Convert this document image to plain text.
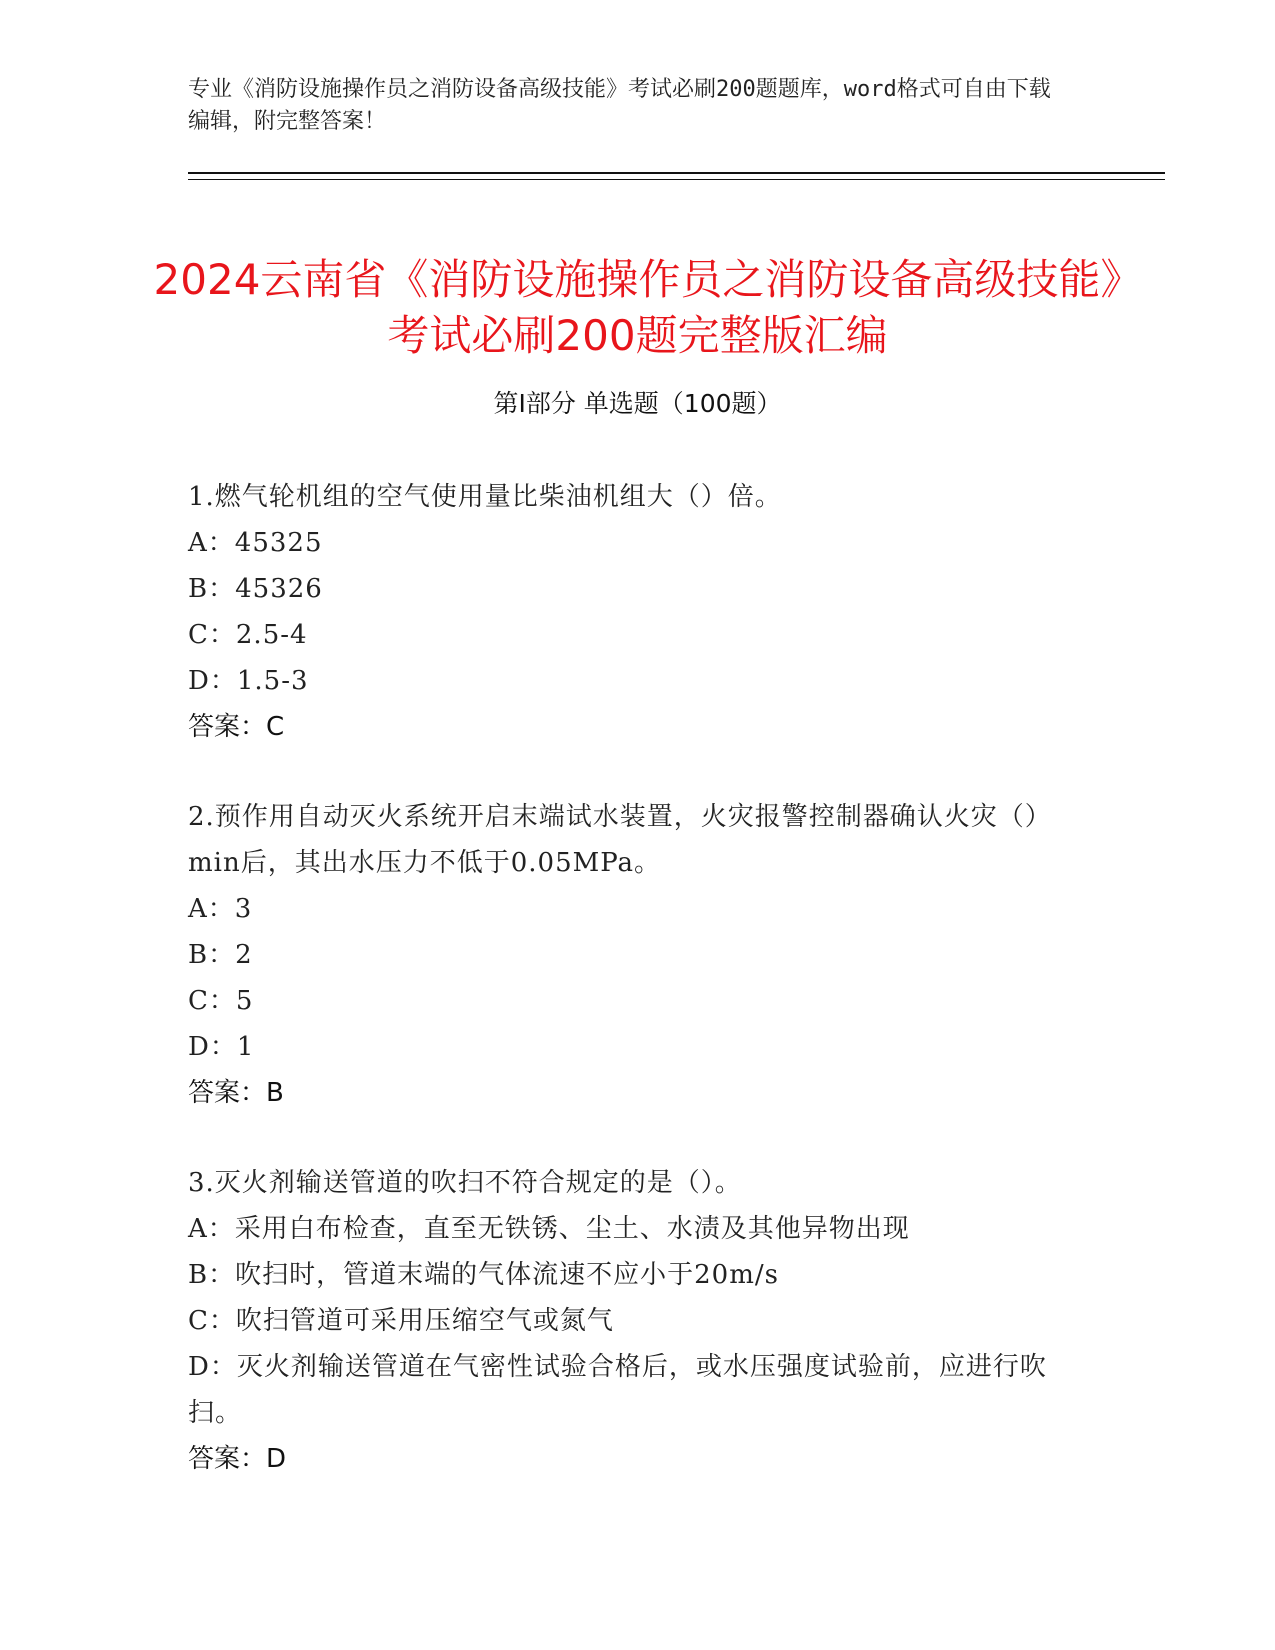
专业《消防设施操作员之消防设备高级技能》考试必刷200题题库，word格式可自由下载编辑，附完整答案！
2024云南省《消防设施操作员之消防设备高级技能》考试必刷200题完整版汇编
第I部分 单选题（100题）
1.燃气轮机组的空气使用量比柴油机组大（）倍。
A：45325
B：45326
C：2.5-4
D：1.5-3
答案：C
2.预作用自动灭火系统开启末端试水装置，火灾报警控制器确认火灾（）min后，其出水压力不低于0.05MPa。
A：3
B：2
C：5
D：1
答案：B
3.灭火剂输送管道的吹扫不符合规定的是（）。
A：采用白布检查，直至无铁锈、尘土、水渍及其他异物出现
B：吹扫时，管道末端的气体流速不应小于20m/s
C：吹扫管道可采用压缩空气或氮气
D：灭火剂输送管道在气密性试验合格后，或水压强度试验前，应进行吹扫。
答案：D
